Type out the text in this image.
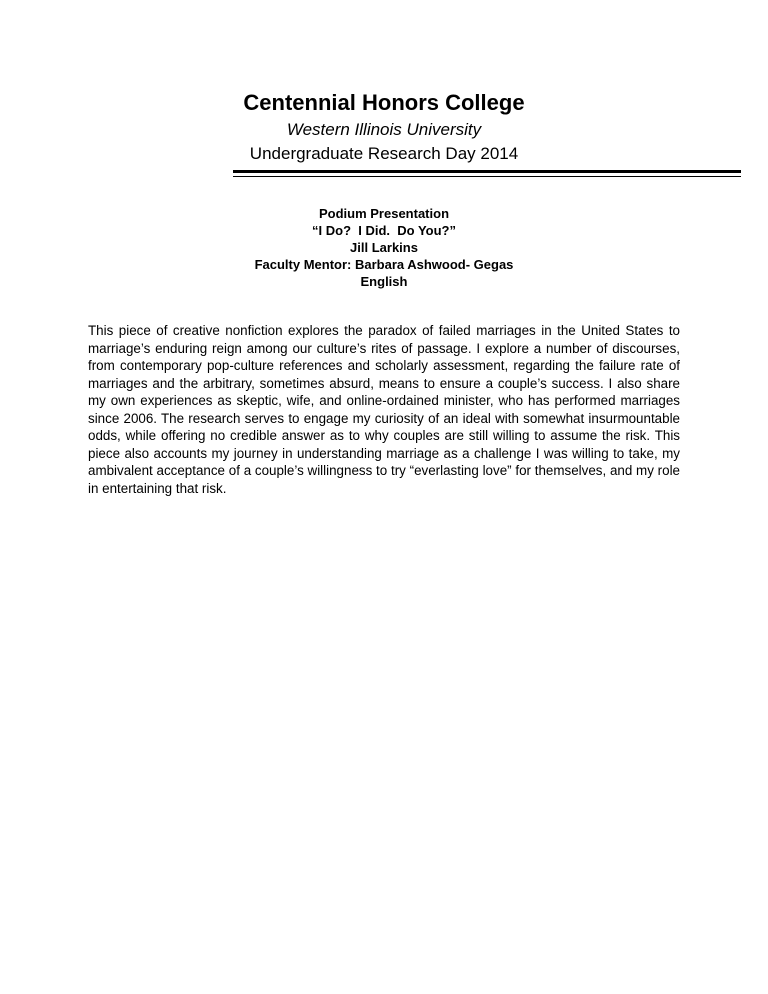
Centennial Honors College
Western Illinois University
Undergraduate Research Day 2014
Podium Presentation
“I Do?  I Did.  Do You?”
Jill Larkins
Faculty Mentor: Barbara Ashwood- Gegas
English

This piece of creative nonfiction explores the paradox of failed marriages in the United States to marriage’s enduring reign among our culture’s rites of passage. I explore a number of discourses, from contemporary pop-culture references and scholarly assessment, regarding the failure rate of marriages and the arbitrary, sometimes absurd, means to ensure a couple’s success. I also share my own experiences as skeptic, wife, and online-ordained minister, who has performed marriages since 2006. The research serves to engage my curiosity of an ideal with somewhat insurmountable odds, while offering no credible answer as to why couples are still willing to assume the risk. This piece also accounts my journey in understanding marriage as a challenge I was willing to take, my ambivalent acceptance of a couple’s willingness to try “everlasting love” for themselves, and my role in entertaining that risk.
